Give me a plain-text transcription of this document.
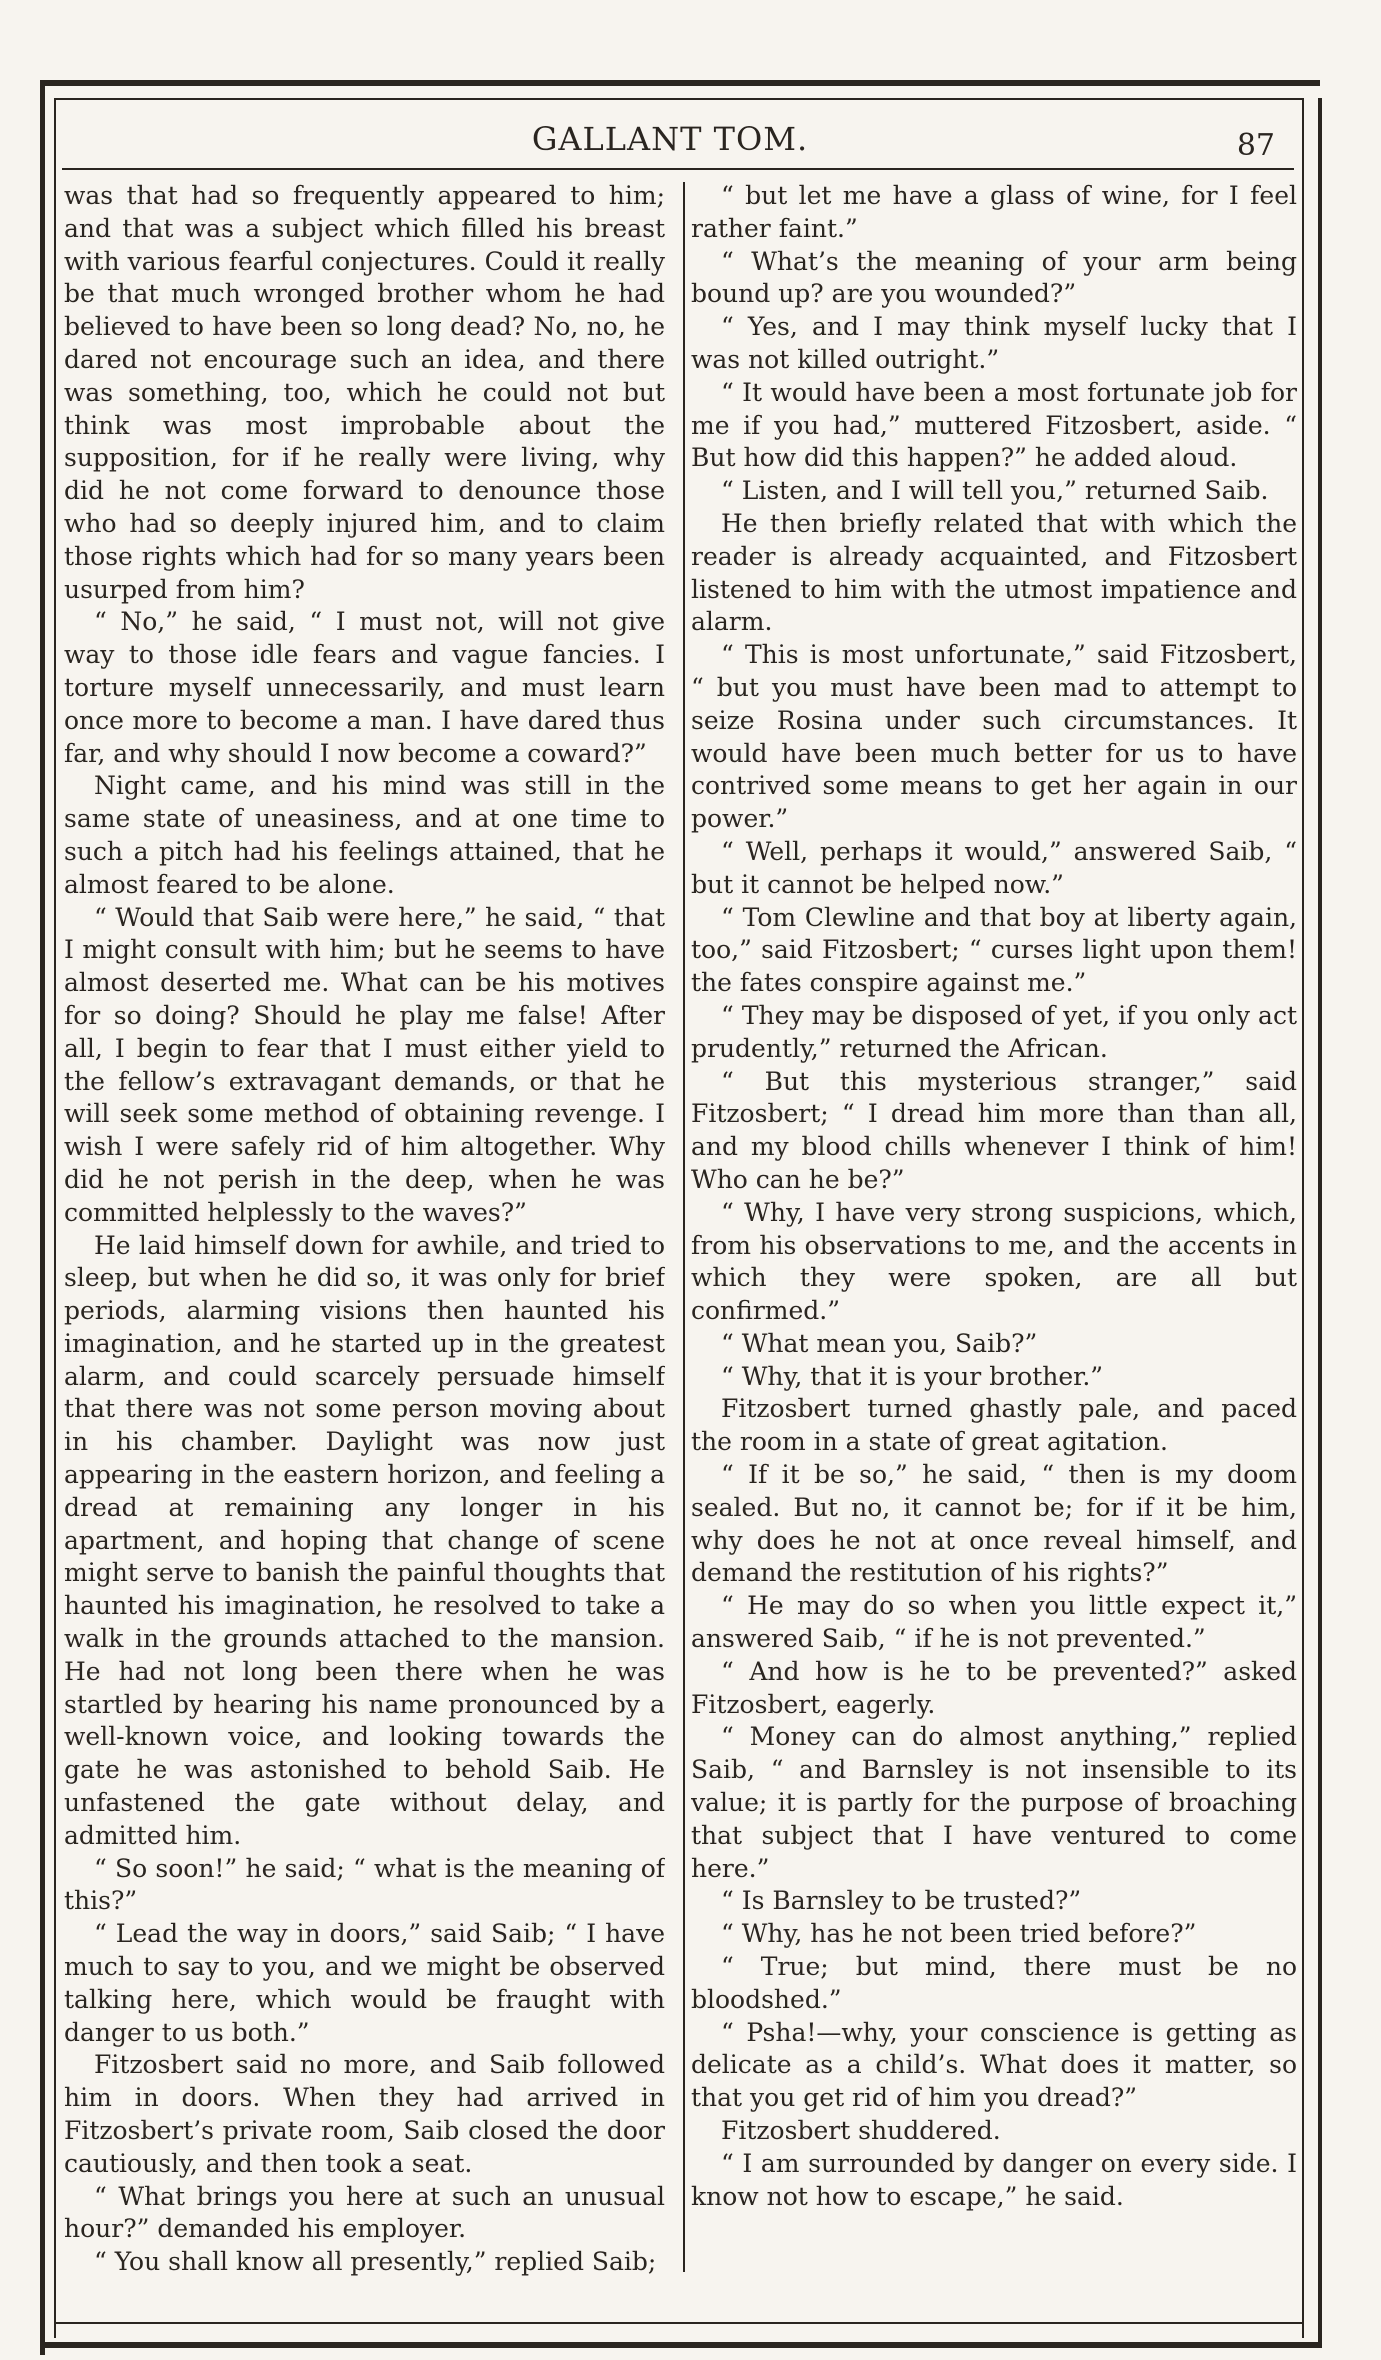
GALLANT TOM.	87

was that had so frequently appeared to him; and that was a subject which filled his breast with various fearful conjectures. Could it really be that much wronged brother whom he had believed to have been so long dead? No, no, he dared not encourage such an idea, and there was something, too, which he could not but think was most improbable about the supposition, for if he really were living, why did he not come forward to denounce those who had so deeply injured him, and to claim those rights which had for so many years been usurped from him?

“ No,” he said, “ I must not, will not give way to those idle fears and vague fancies. I torture myself unnecessarily, and must learn once more to become a man. I have dared thus far, and why should I now become a coward?”

Night came, and his mind was still in the same state of uneasiness, and at one time to such a pitch had his feelings attained, that he almost feared to be alone.

“ Would that Saib were here,” he said, “ that I might consult with him; but he seems to have almost deserted me. What can be his motives for so doing? Should he play me false! After all, I begin to fear that I must either yield to the fellow’s extravagant demands, or that he will seek some method of obtaining revenge. I wish I were safely rid of him altogether. Why did he not perish in the deep, when he was committed helplessly to the waves?”

He laid himself down for awhile, and tried to sleep, but when he did so, it was only for brief periods, alarming visions then haunted his imagination, and he started up in the greatest alarm, and could scarcely persuade himself that there was not some person moving about in his chamber. Daylight was now just appearing in the eastern horizon, and feeling a dread at remaining any longer in his apartment, and hoping that change of scene might serve to banish the painful thoughts that haunted his imagination, he resolved to take a walk in the grounds attached to the mansion. He had not long been there when he was startled by hearing his name pronounced by a well-known voice, and looking towards the gate he was astonished to behold Saib. He unfastened the gate without delay, and admitted him.

“ So soon!” he said; “ what is the meaning of this?”

“ Lead the way in doors,” said Saib; “ I have much to say to you, and we might be observed talking here, which would be fraught with danger to us both.”

Fitzosbert said no more, and Saib followed him in doors. When they had arrived in Fitzosbert’s private room, Saib closed the door cautiously, and then took a seat.

“ What brings you here at such an unusual hour?” demanded his employer.

“ You shall know all presently,” replied Saib;

“ but let me have a glass of wine, for I feel rather faint.”

“ What’s the meaning of your arm being bound up? are you wounded?”

“ Yes, and I may think myself lucky that I was not killed outright.”

“ It would have been a most fortunate job for me if you had,” muttered Fitzosbert, aside. “ But how did this happen?” he added aloud.

“ Listen, and I will tell you,” returned Saib.

He then briefly related that with which the reader is already acquainted, and Fitzosbert listened to him with the utmost impatience and alarm.

“ This is most unfortunate,” said Fitzosbert, “ but you must have been mad to attempt to seize Rosina under such circumstances. It would have been much better for us to have contrived some means to get her again in our power.”

“ Well, perhaps it would,” answered Saib, “ but it cannot be helped now.”

“ Tom Clewline and that boy at liberty again, too,” said Fitzosbert; “ curses light upon them! the fates conspire against me.”

“ They may be disposed of yet, if you only act prudently,” returned the African.

“ But this mysterious stranger,” said Fitzosbert; “ I dread him more than than all, and my blood chills whenever I think of him! Who can he be?”

“ Why, I have very strong suspicions, which, from his observations to me, and the accents in which they were spoken, are all but confirmed.”

“ What mean you, Saib?”

“ Why, that it is your brother.”

Fitzosbert turned ghastly pale, and paced the room in a state of great agitation.

“ If it be so,” he said, “ then is my doom sealed. But no, it cannot be; for if it be him, why does he not at once reveal himself, and demand the restitution of his rights?”

“ He may do so when you little expect it,” answered Saib, “ if he is not prevented.”

“ And how is he to be prevented?” asked Fitzosbert, eagerly.

“ Money can do almost anything,” replied Saib, “ and Barnsley is not insensible to its value; it is partly for the purpose of broaching that subject that I have ventured to come here.”

“ Is Barnsley to be trusted?”

“ Why, has he not been tried before?”

“ True; but mind, there must be no bloodshed.”

“ Psha!—why, your conscience is getting as delicate as a child’s. What does it matter, so that you get rid of him you dread?”

Fitzosbert shuddered.

“ I am surrounded by danger on every side. I know not how to escape,” he said.
